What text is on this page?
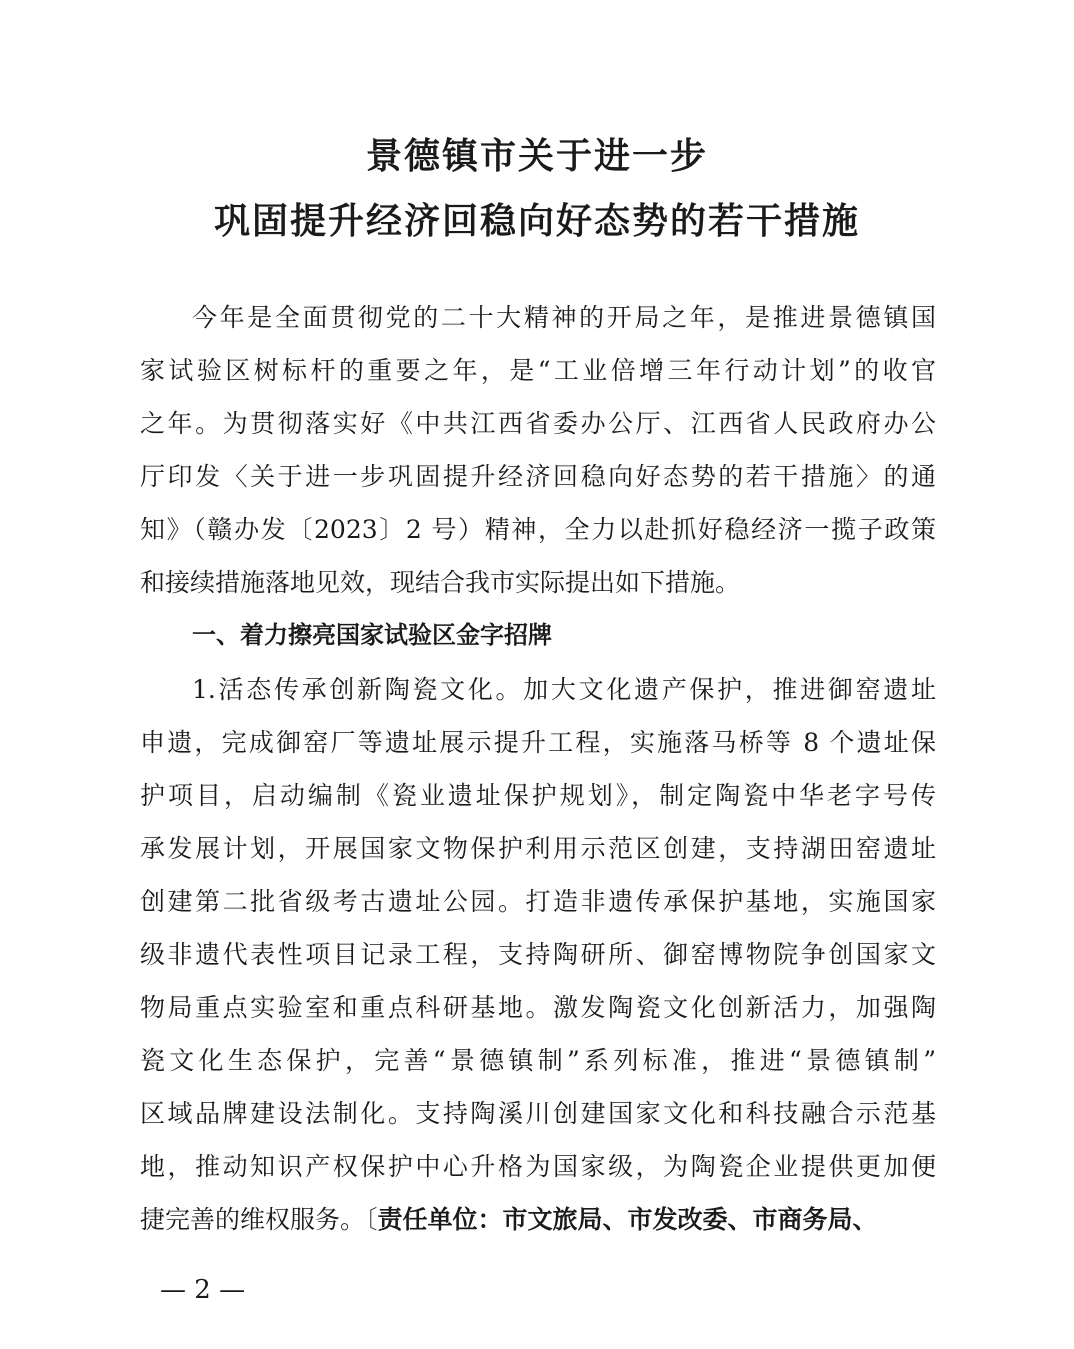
景德镇市关于进一步
巩固提升经济回稳向好态势的若干措施
今年是全面贯彻党的二十大精神的开局之年，是推进景德镇国
家试验区树标杆的重要之年，是“工业倍增三年行动计划”的收官
之年。为贯彻落实好《中共江西省委办公厅、江西省人民政府办公
厅印发〈关于进一步巩固提升经济回稳向好态势的若干措施〉的通
知》（赣办发〔2023〕2 号）精神，全力以赴抓好稳经济一揽子政策
和接续措施落地见效，现结合我市实际提出如下措施。
一、着力擦亮国家试验区金字招牌
1.活态传承创新陶瓷文化。加大文化遗产保护，推进御窑遗址
申遗，完成御窑厂等遗址展示提升工程，实施落马桥等 8 个遗址保
护项目，启动编制《瓷业遗址保护规划》，制定陶瓷中华老字号传
承发展计划，开展国家文物保护利用示范区创建，支持湖田窑遗址
创建第二批省级考古遗址公园。打造非遗传承保护基地，实施国家
级非遗代表性项目记录工程，支持陶研所、御窑博物院争创国家文
物局重点实验室和重点科研基地。激发陶瓷文化创新活力，加强陶
瓷文化生态保护，完善“景德镇制”系列标准，推进“景德镇制”
区域品牌建设法制化。支持陶溪川创建国家文化和科技融合示范基
地，推动知识产权保护中心升格为国家级，为陶瓷企业提供更加便
捷完善的维权服务。〔责任单位：市文旅局、市发改委、市商务局、
— 2 —
